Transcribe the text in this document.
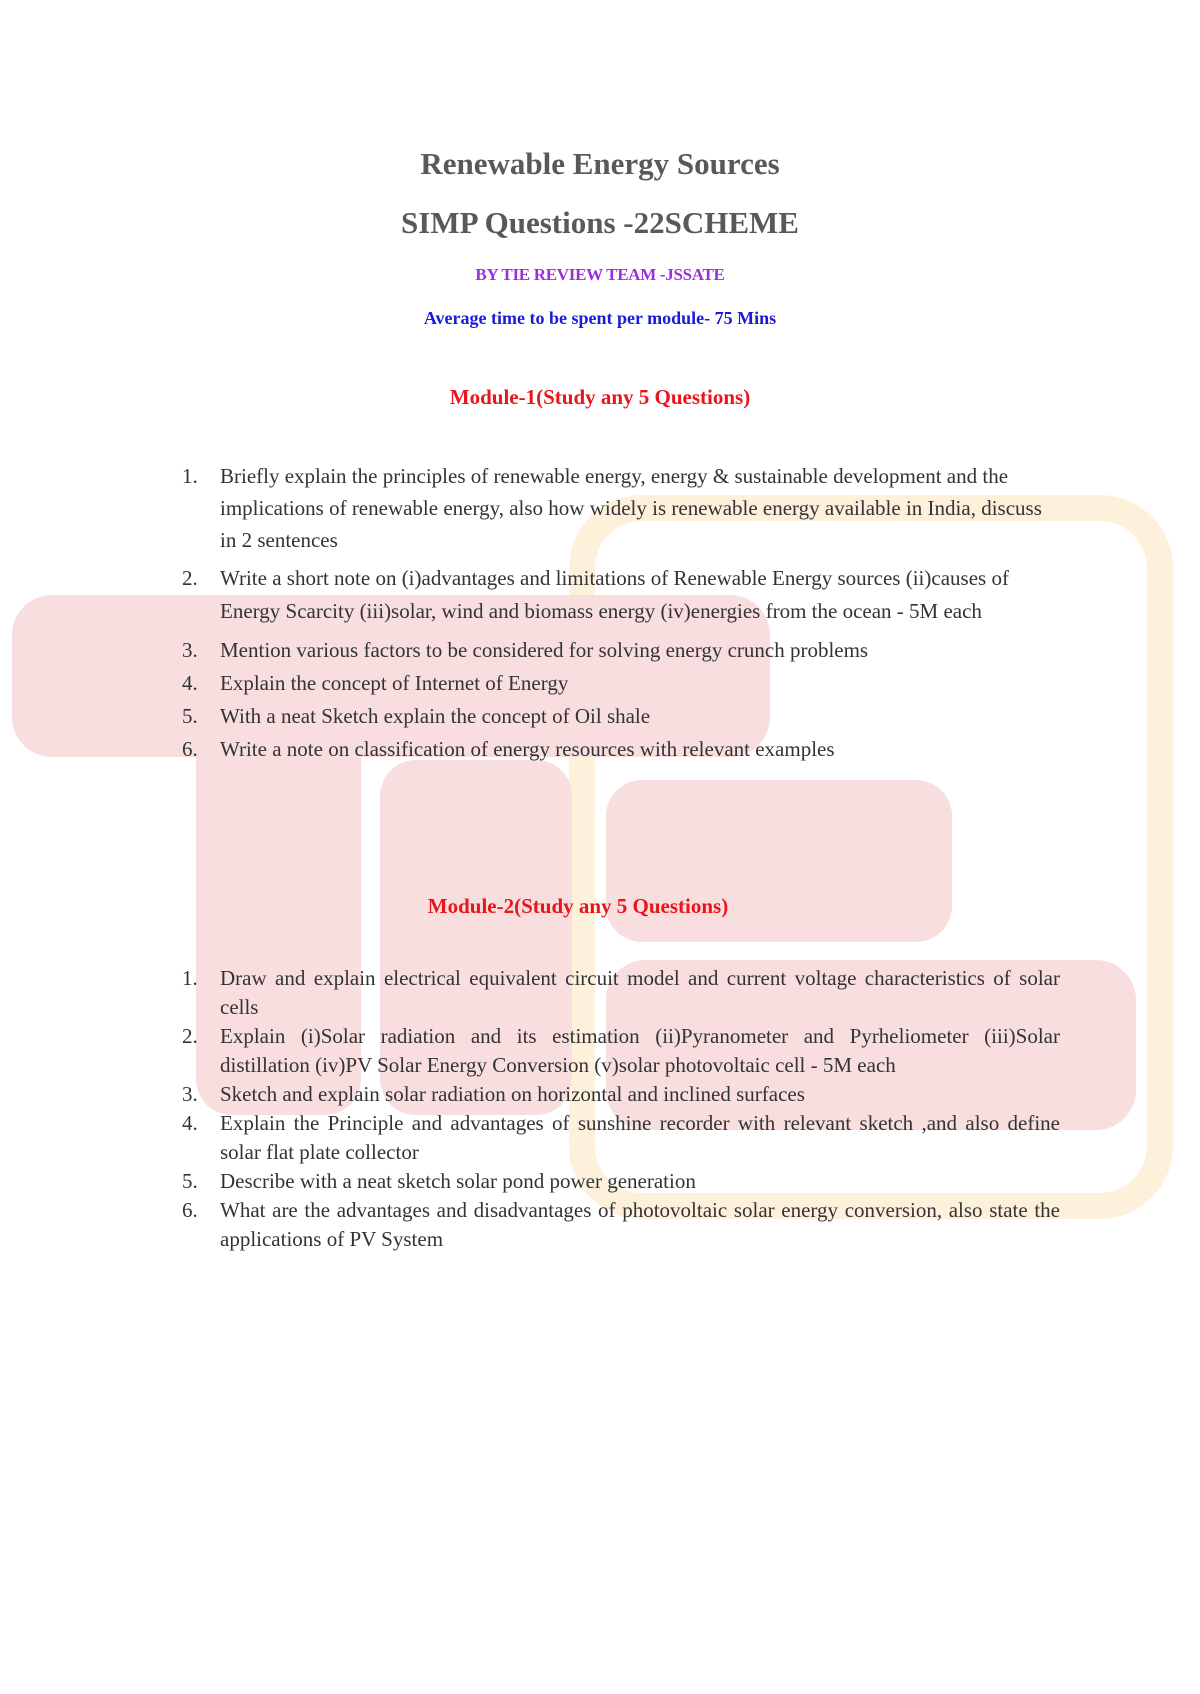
Renewable Energy Sources
SIMP Questions -22SCHEME
BY TIE REVIEW TEAM -JSSATE
Average time to be spent per module- 75 Mins
Module-1(Study any 5 Questions)
1. Briefly explain the principles of renewable energy, energy & sustainable development and the implications of renewable energy, also how widely is renewable energy available in India, discuss in 2 sentences
2. Write a short note on (i)advantages and limitations of Renewable Energy sources (ii)causes of Energy Scarcity (iii)solar, wind and biomass energy (iv)energies from the ocean - 5M each
3. Mention various factors to be considered for solving energy crunch problems
4. Explain the concept of Internet of Energy
5. With a neat Sketch explain the concept of Oil shale
6. Write a note on classification of energy resources with relevant examples
Module-2(Study any 5 Questions)
1. Draw and explain electrical equivalent circuit model and current voltage characteristics of solar cells
2. Explain (i)Solar radiation and its estimation (ii)Pyranometer and Pyrheliometer (iii)Solar distillation (iv)PV Solar Energy Conversion (v)solar photovoltaic cell - 5M each
3. Sketch and explain solar radiation on horizontal and inclined surfaces
4. Explain the Principle and advantages of sunshine recorder with relevant sketch ,and also define solar flat plate collector
5. Describe with a neat sketch solar pond power generation
6. What are the advantages and disadvantages of photovoltaic solar energy conversion, also state the applications of PV System
